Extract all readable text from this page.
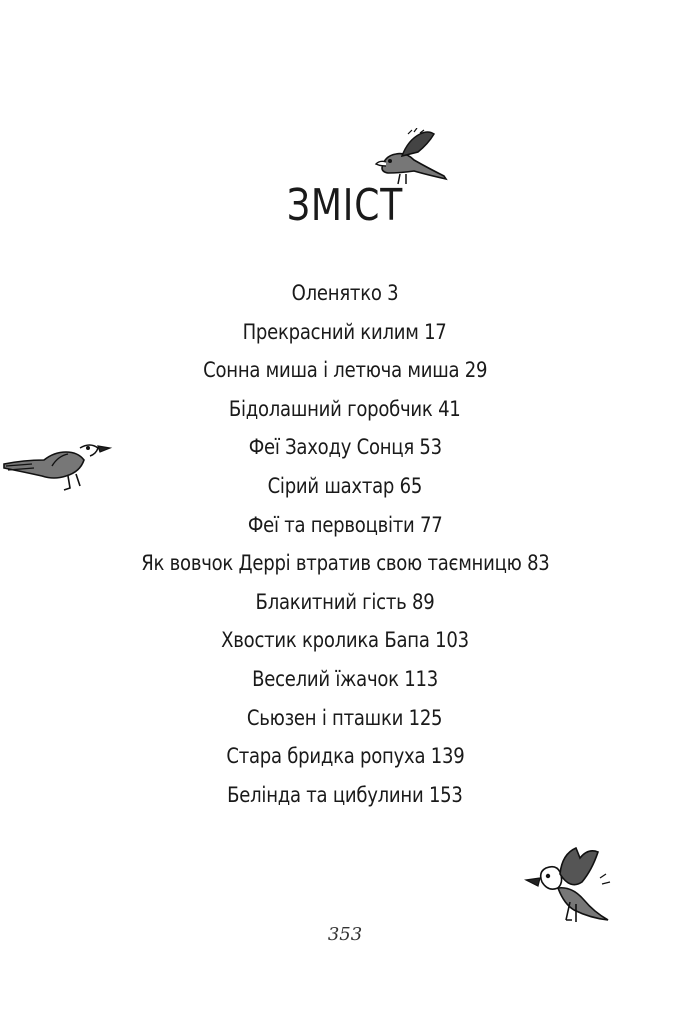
ЗМІСТ
Оленятко 3
Прекрасний килим 17
Сонна миша і летюча миша 29
Бідолашний горобчик 41
Феї Заходу Сонця 53
Сірий шахтар 65
Феї та первоцвіти 77
Як вовчок Деррі втратив свою таємницю 83
Блакитний гість 89
Хвостик кролика Бапа 103
Веселий їжачок 113
Сьюзен і пташки 125
Стара бридка ропуха 139
Белінда та цибулини 153
353
